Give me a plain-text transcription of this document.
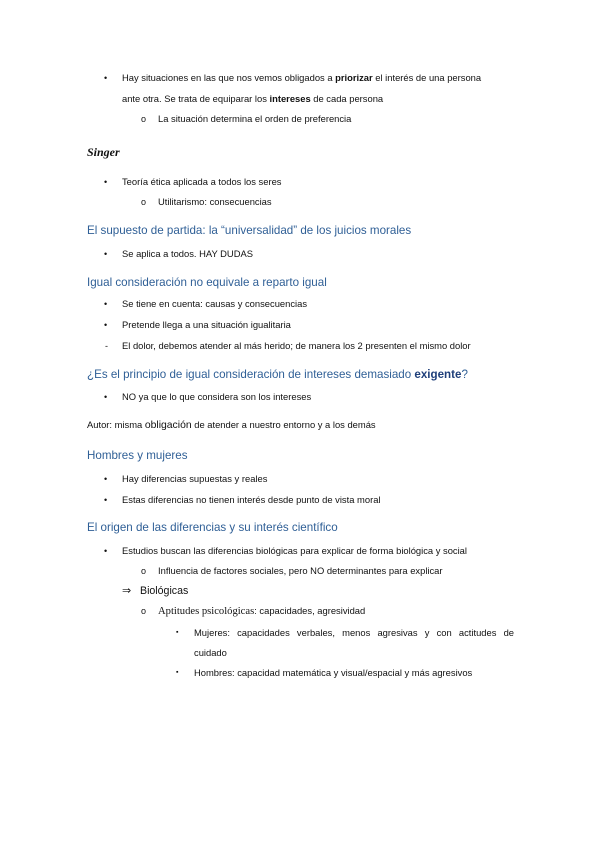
• Hay situaciones en las que nos vemos obligados a priorizar el interés de una persona
ante otra. Se trata de equiparar los intereses de cada persona
o La situación determina el orden de preferencia
Singer
• Teoría ética aplicada a todos los seres
o Utilitarismo: consecuencias
El supuesto de partida: la “universalidad” de los juicios morales
• Se aplica a todos. HAY DUDAS
Igual consideración no equivale a reparto igual
• Se tiene en cuenta: causas y consecuencias
• Pretende llega a una situación igualitaria
- El dolor, debemos atender al más herido; de manera los 2 presenten el mismo dolor
¿Es el principio de igual consideración de intereses demasiado exigente?
• NO ya que lo que considera son los intereses
Autor: misma obligación de atender a nuestro entorno y a los demás
Hombres y mujeres
• Hay diferencias supuestas y reales
• Estas diferencias no tienen interés desde punto de vista moral
El origen de las diferencias y su interés científico
• Estudios buscan las diferencias biológicas para explicar de forma biológica y social
o Influencia de factores sociales, pero NO determinantes para explicar
⇒ Biológicas
o Aptitudes psicológicas: capacidades, agresividad
▪ Mujeres: capacidades verbales, menos agresivas y con actitudes de
cuidado
▪ Hombres: capacidad matemática y visual/espacial y más agresivos
